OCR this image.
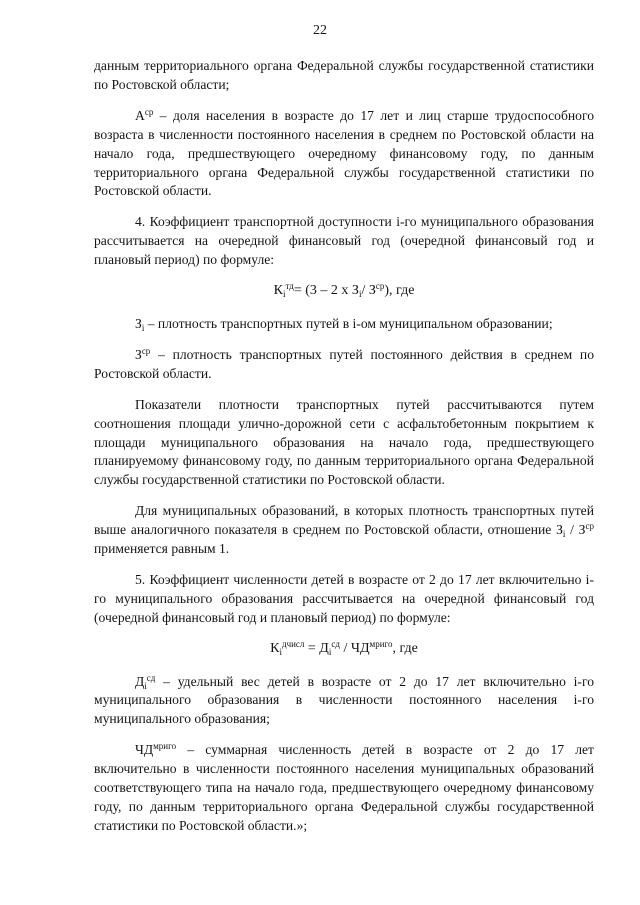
22

данным территориального органа Федеральной службы государственной статистики по Ростовской области;

$А^{ср}$ – доля населения в возрасте до 17 лет и лиц старше трудоспособного возраста в численности постоянного населения в среднем по Ростовской области на начало года, предшествующего очередному финансовому году, по данным территориального органа Федеральной службы государственной статистики по Ростовской области.

4. Коэффициент транспортной доступности i-го муниципального образования рассчитывается на очередной финансовый год (очередной финансовый год и плановый период) по формуле:

$К_i^{тд}= (3 - 2$ х $З_i/$ $З^{ср}$), где

$З_i$ – плотность транспортных путей в i-ом муниципальном образовании;

$З^{ср}$ – плотность транспортных путей постоянного действия в среднем по Ростовской области.

Показатели плотности транспортных путей рассчитываются путем соотношения площади улично-дорожной сети с асфальтобетонным покрытием к площади муниципального образования на начало года, предшествующего планируемому финансовому году, по данным территориального органа Федеральной службы государственной статистики по Ростовской области.

Для муниципальных образований, в которых плотность транспортных путей выше аналогичного показателя в среднем по Ростовской области, отношение $З_i / З^{ср}$ применяется равным 1.

5. Коэффициент численности детей в возрасте от 2 до 17 лет включительно i-го муниципального образования рассчитывается на очередной финансовый год (очередной финансовый год и плановый период) по формуле:

$К_i^{дчисл} = Д_i^{сд} / ЧД^{мриго}$, где

$Д_i^{сд}$ – удельный вес детей в возрасте от 2 до 17 лет включительно i-го муниципального образования в численности постоянного населения i-го муниципального образования;

$ЧД^{мриго}$ – суммарная численность детей в возрасте от 2 до 17 лет включительно в численности постоянного населения муниципальных образований соответствующего типа на начало года, предшествующего очередному финансовому году, по данным территориального органа Федеральной службы государственной статистики по Ростовской области.»;
